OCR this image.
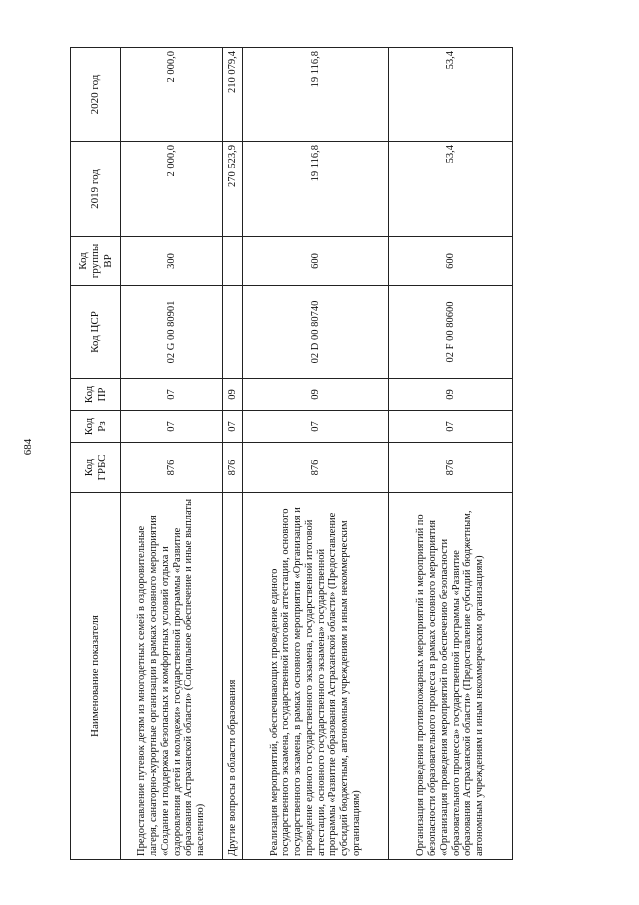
684
Наименование показателя	Код ГРБС	Код Рз	Код ПР	Код ЦСР	Код группы ВР	2019 год	2020 год
Предоставление путевок детям из многодетных семей в оздоровительные лагеря, санаторно-курортные организации в рамках основного мероприятия «Создание и поддержка безопасных и комфортных условий отдыха и оздоровления детей и молодежи» государственной программы «Развитие образования Астраханской области» (Социальное обеспечение и иные выплаты населению)	876	07	07	02 G 00 80901	300	2 000,0	2 000,0
Другие вопросы в области образования	876	07	09			270 523,9	210 079,4
Реализация мероприятий, обеспечивающих проведение единого государственного экзамена, государственной итоговой аттестации, основного государственного экзамена, в рамках основного мероприятия «Организация и проведение единого государственного экзамена, государственной итоговой аттестации, основного государственного экзамена» государственной программы «Развитие образования Астраханской области» (Предоставление субсидий бюджетным, автономным учреждениям и иным некоммерческим организациям)	876	07	09	02 D 00 80740	600	19 116,8	19 116,8
Организация проведения противопожарных мероприятий и мероприятий по безопасности образовательного процесса в рамках основного мероприятия «Организация проведения мероприятий по обеспечению безопасности образовательного процесса» государственной программы «Развитие образования Астраханской области» (Предоставление субсидий бюджетным, автономным учреждениям и иным некоммерческим организациям)	876	07	09	02 F 00 80600	600	53,4	53,4
